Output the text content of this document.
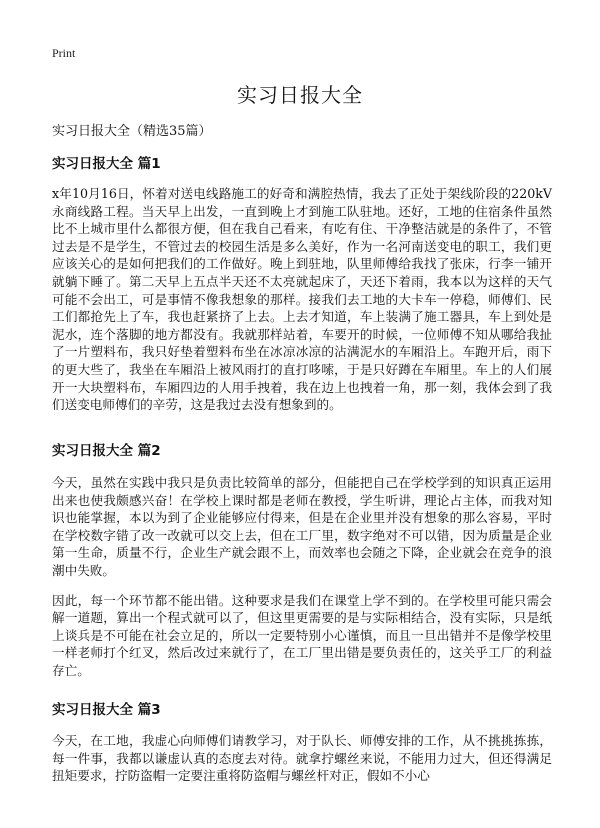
Print
实习日报大全
实习日报大全（精选35篇）
实习日报大全 篇1

x年10月16日，怀着对送电线路施工的好奇和满腔热情，我去了正处于架线阶段的220kV永商线路工程。当天早上出发，一直到晚上才到施工队驻地。还好，工地的住宿条件虽然比不上城市里什么都很方便，但在我自己看来，有吃有住、干净整洁就是的条件了，不管过去是不是学生，不管过去的校园生活是多么美好，作为一名河南送变电的职工，我们更应该关心的是如何把我们的工作做好。晚上到驻地，队里师傅给我找了张床，行李一铺开就躺下睡了。第二天早上五点半天还不太亮就起床了，天还下着雨，我本以为这样的天气可能不会出工，可是事情不像我想象的那样。接我们去工地的大卡车一停稳，师傅们、民工们都抢先上了车，我也赶紧挤了上去。上去才知道，车上装满了施工器具，车上到处是泥水，连个落脚的地方都没有。我就那样站着，车要开的时候，一位师傅不知从哪给我扯了一片塑料布，我只好垫着塑料布坐在冰凉冰凉的沾满泥水的车厢沿上。车跑开后，雨下的更大些了，我坐在车厢沿上被风雨打的直打哆嗦，于是只好蹲在车厢里。车上的人们展开一大块塑料布，车厢四边的人用手拽着，我在边上也拽着一角，那一刻，我体会到了我们送变电师傅们的辛劳，这是我过去没有想象到的。

实习日报大全 篇2

今天，虽然在实践中我只是负责比较简单的部分，但能把自己在学校学到的知识真正运用出来也使我颇感兴奋！在学校上课时都是老师在教授，学生听讲，理论占主体，而我对知识也能掌握，本以为到了企业能够应付得来，但是在企业里并没有想象的那么容易，平时在学校数字错了改一改就可以交上去，但在工厂里，数字绝对不可以错，因为质量是企业第一生命，质量不行，企业生产就会跟不上，而效率也会随之下降，企业就会在竞争的浪潮中失败。

因此，每一个环节都不能出错。这种要求是我们在课堂上学不到的。在学校里可能只需会解一道题，算出一个程式就可以了，但这里更需要的是与实际相结合，没有实际，只是纸上谈兵是不可能在社会立足的，所以一定要特别小心谨慎，而且一旦出错并不是像学校里一样老师打个红叉，然后改过来就行了，在工厂里出错是要负责任的，这关乎工厂的利益存亡。

实习日报大全 篇3

今天，在工地，我虚心向师傅们请教学习，对于队长、师傅安排的工作，从不挑挑拣拣，每一件事，我都以谦虚认真的态度去对待。就拿拧螺丝来说，不能用力过大，但还得满足扭矩要求，拧防盗帽一定要注重将防盗帽与螺丝杆对正，假如不小心
